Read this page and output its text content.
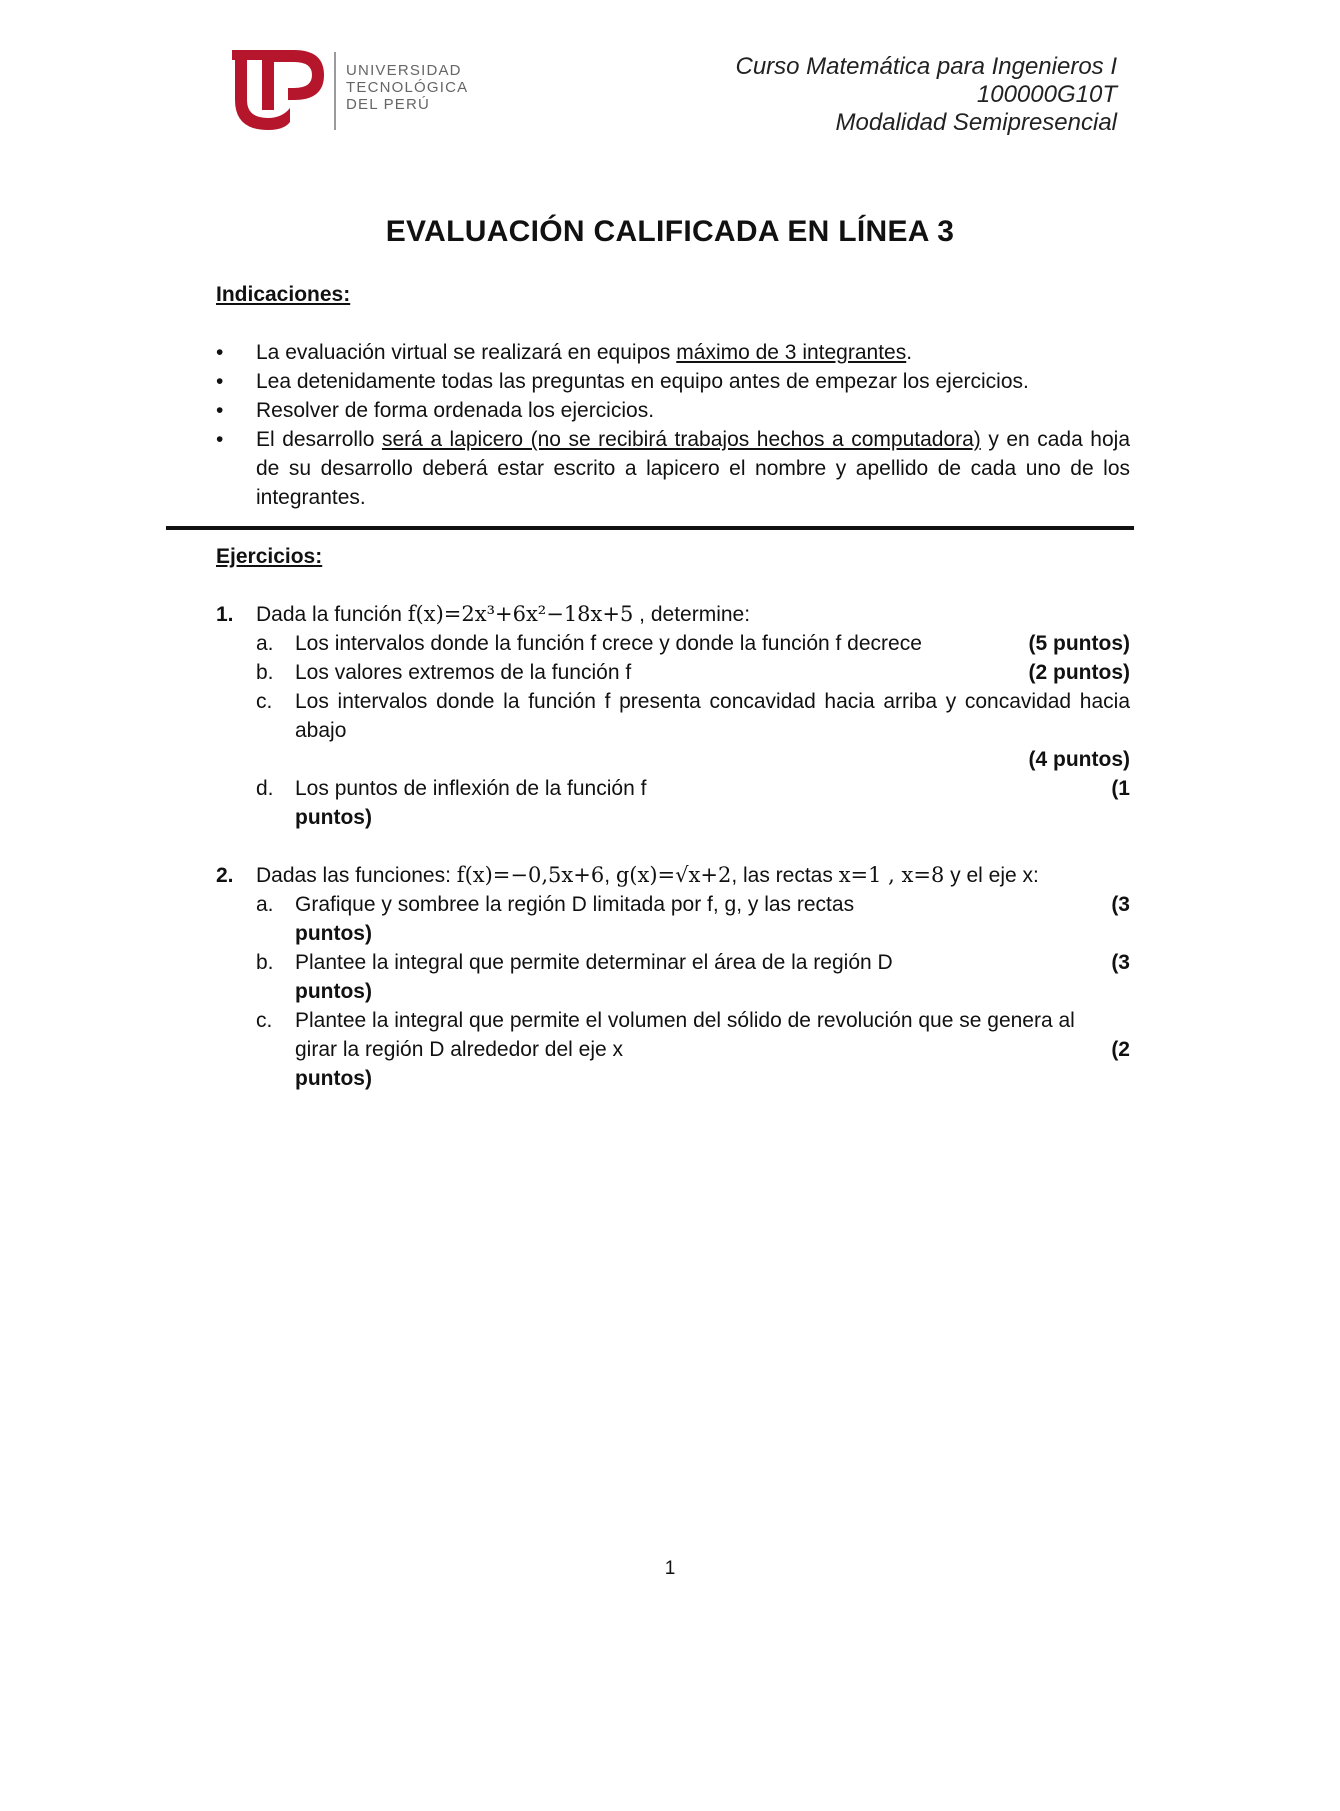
UNIVERSIDAD
TECNOLÓGICA
DEL PERÚ
Curso Matemática para Ingenieros I
100000G10T
Modalidad Semipresencial
EVALUACIÓN CALIFICADA EN LÍNEA 3
Indicaciones:
• La evaluación virtual se realizará en equipos máximo de 3 integrantes.
• Lea detenidamente todas las preguntas en equipo antes de empezar los ejercicios.
• Resolver de forma ordenada los ejercicios.
• El desarrollo será a lapicero (no se recibirá trabajos hechos a computadora) y en cada hoja de su desarrollo deberá estar escrito a lapicero el nombre y apellido de cada uno de los integrantes.
Ejercicios:
1. Dada la función f(x)=2x³+6x²−18x+5 , determine:
a. Los intervalos donde la función f crece y donde la función f decrece	(5 puntos)
b. Los valores extremos de la función f	(2 puntos)
c. Los intervalos donde la función f presenta concavidad hacia arriba y concavidad hacia abajo
(4 puntos)
d. Los puntos de inflexión de la función f	(1
puntos)
2. Dadas las funciones: f(x)=−0,5x+6, g(x)=√x+2, las rectas x=1 , x=8 y el eje x:
a. Grafique y sombree la región D limitada por f, g, y las rectas	(3
puntos)
b. Plantee la integral que permite determinar el área de la región D	(3
puntos)
c. Plantee la integral que permite el volumen del sólido de revolución que se genera al
girar la región D alrededor del eje x	(2
puntos)
1
